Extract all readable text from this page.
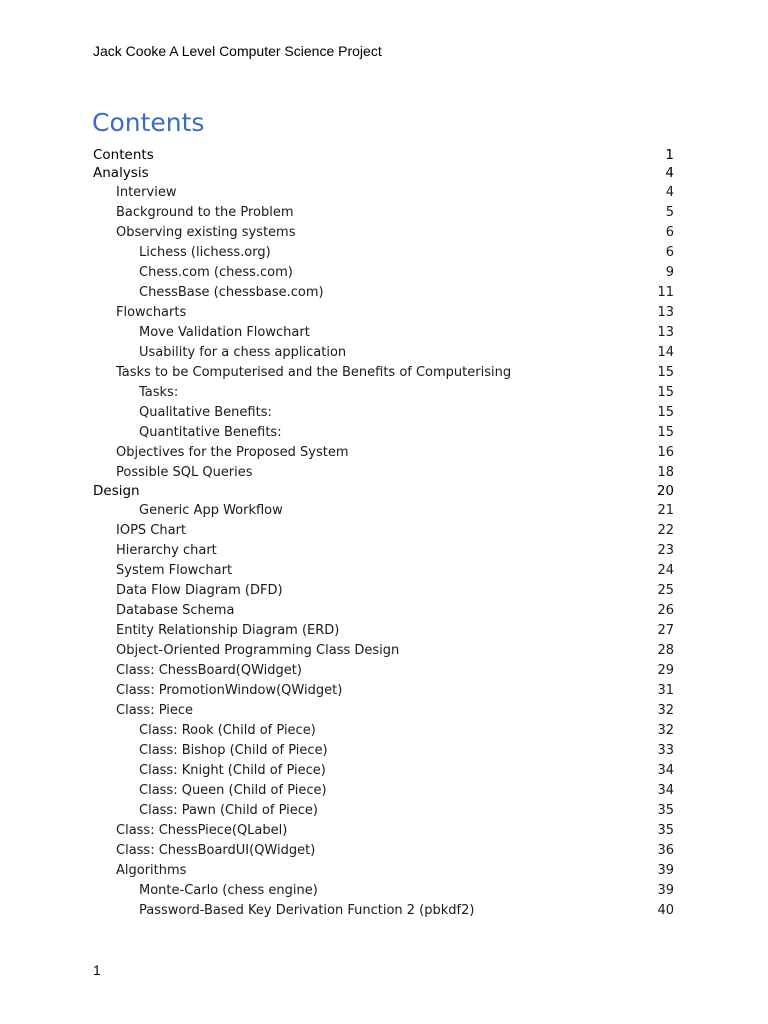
Jack Cooke A Level Computer Science Project
Contents
Contents	1
Analysis	4
Interview	4
Background to the Problem	5
Observing existing systems	6
Lichess (lichess.org)	6
Chess.com (chess.com)	9
ChessBase (chessbase.com)	11
Flowcharts	13
Move Validation Flowchart	13
Usability for a chess application	14
Tasks to be Computerised and the Benefits of Computerising	15
Tasks:	15
Qualitative Benefits:	15
Quantitative Benefits:	15
Objectives for the Proposed System	16
Possible SQL Queries	18
Design	20
Generic App Workflow	21
IOPS Chart	22
Hierarchy chart	23
System Flowchart	24
Data Flow Diagram (DFD)	25
Database Schema	26
Entity Relationship Diagram (ERD)	27
Object-Oriented Programming Class Design	28
Class: ChessBoard(QWidget)	29
Class: PromotionWindow(QWidget)	31
Class: Piece	32
Class: Rook (Child of Piece)	32
Class: Bishop (Child of Piece)	33
Class: Knight (Child of Piece)	34
Class: Queen (Child of Piece)	34
Class: Pawn (Child of Piece)	35
Class: ChessPiece(QLabel)	35
Class: ChessBoardUI(QWidget)	36
Algorithms	39
Monte-Carlo (chess engine)	39
Password-Based Key Derivation Function 2 (pbkdf2)	40
1
